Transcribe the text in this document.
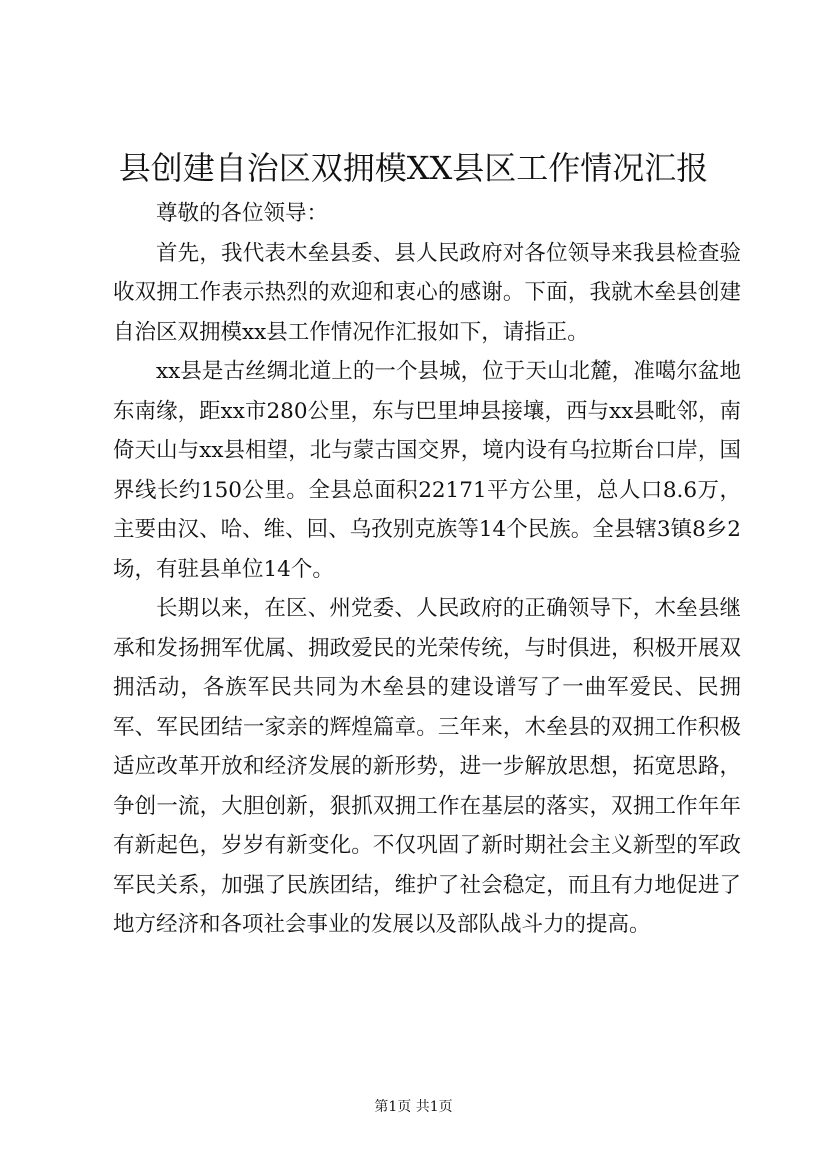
县创建自治区双拥模XX县区工作情况汇报

尊敬的各位领导：

首先，我代表木垒县委、县人民政府对各位领导来我县检查验收双拥工作表示热烈的欢迎和衷心的感谢。下面，我就木垒县创建自治区双拥模xx县工作情况作汇报如下，请指正。

xx县是古丝绸北道上的一个县城，位于天山北麓，准噶尔盆地东南缘，距xx市280公里，东与巴里坤县接壤，西与xx县毗邻，南倚天山与xx县相望，北与蒙古国交界，境内设有乌拉斯台口岸，国界线长约150公里。全县总面积22171平方公里，总人口8.6万，主要由汉、哈、维、回、乌孜别克族等14个民族。全县辖3镇8乡2场，有驻县单位14个。

长期以来，在区、州党委、人民政府的正确领导下，木垒县继承和发扬拥军优属、拥政爱民的光荣传统，与时俱进，积极开展双拥活动，各族军民共同为木垒县的建设谱写了一曲军爱民、民拥军、军民团结一家亲的辉煌篇章。三年来，木垒县的双拥工作积极适应改革开放和经济发展的新形势，进一步解放思想，拓宽思路，争创一流，大胆创新，狠抓双拥工作在基层的落实，双拥工作年年有新起色，岁岁有新变化。不仅巩固了新时期社会主义新型的军政军民关系，加强了民族团结，维护了社会稳定，而且有力地促进了地方经济和各项社会事业的发展以及部队战斗力的提高。

第1页 共1页
